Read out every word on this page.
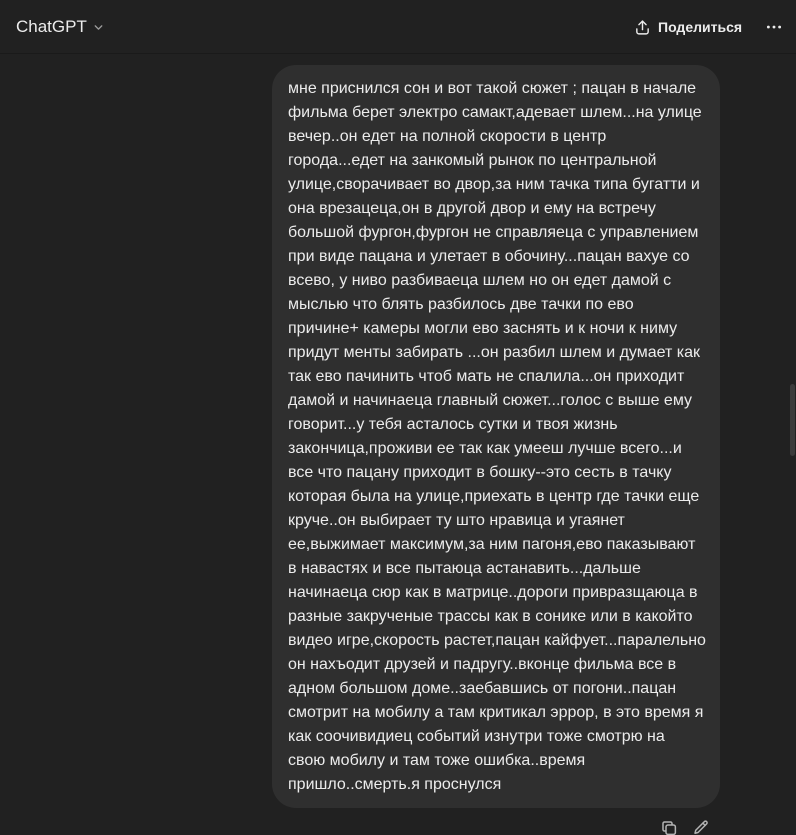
ChatGPT	Поделиться
мне приснился сон и вот такой сюжет ; пацан в начале
фильма берет электро самакт,адевает шлем...на улице
вечер..он едет на полной скорости в центр
города...едет на занкомый рынок по центральной
улице,сворачивает во двор,за ним тачка типа бугатти и
она врезацеца,он в другой двор и ему на встречу
большой фургон,фургон не справляеца с управлением
при виде пацана и улетает в обочину...пацан вахуе со
всево, у ниво разбиваеца шлем но он едет дамой с
мыслью что блять разбилось две тачки по ево
причине+ камеры могли ево заснять и к ночи к ниму
придут менты забирать ...он разбил шлем и думает как
так ево пачинить чтоб мать не спалила...он приходит
дамой и начинаеца главный сюжет...голос с выше ему
говорит...у тебя асталось сутки и твоя жизнь
закончица,проживи ее так как умееш лучше всего...и
все что пацану приходит в бошку--это сесть в тачку
которая была на улице,приехать в центр где тачки еще
круче..он выбирает ту што нравица и угаянет
ее,выжимает максимум,за ним пагоня,ево паказывают
в навастях и все пытаюца астанавить...дальше
начинаеца сюр как в матрице..дороги привразщаюца в
разные закрученые трассы как в сонике или в какойто
видео игре,скорость растет,пацан кайфует...паралельно
он нахъодит друзей и падругу..вконце фильма все в
адном большом доме..заебавшись от погони..пацан
смотрит на мобилу а там критикал эррор, в это время я
как соочивидиец событий изнутри тоже смотрю на
свою мобилу и там тоже ошибка..время
пришло..смерть.я проснулся
